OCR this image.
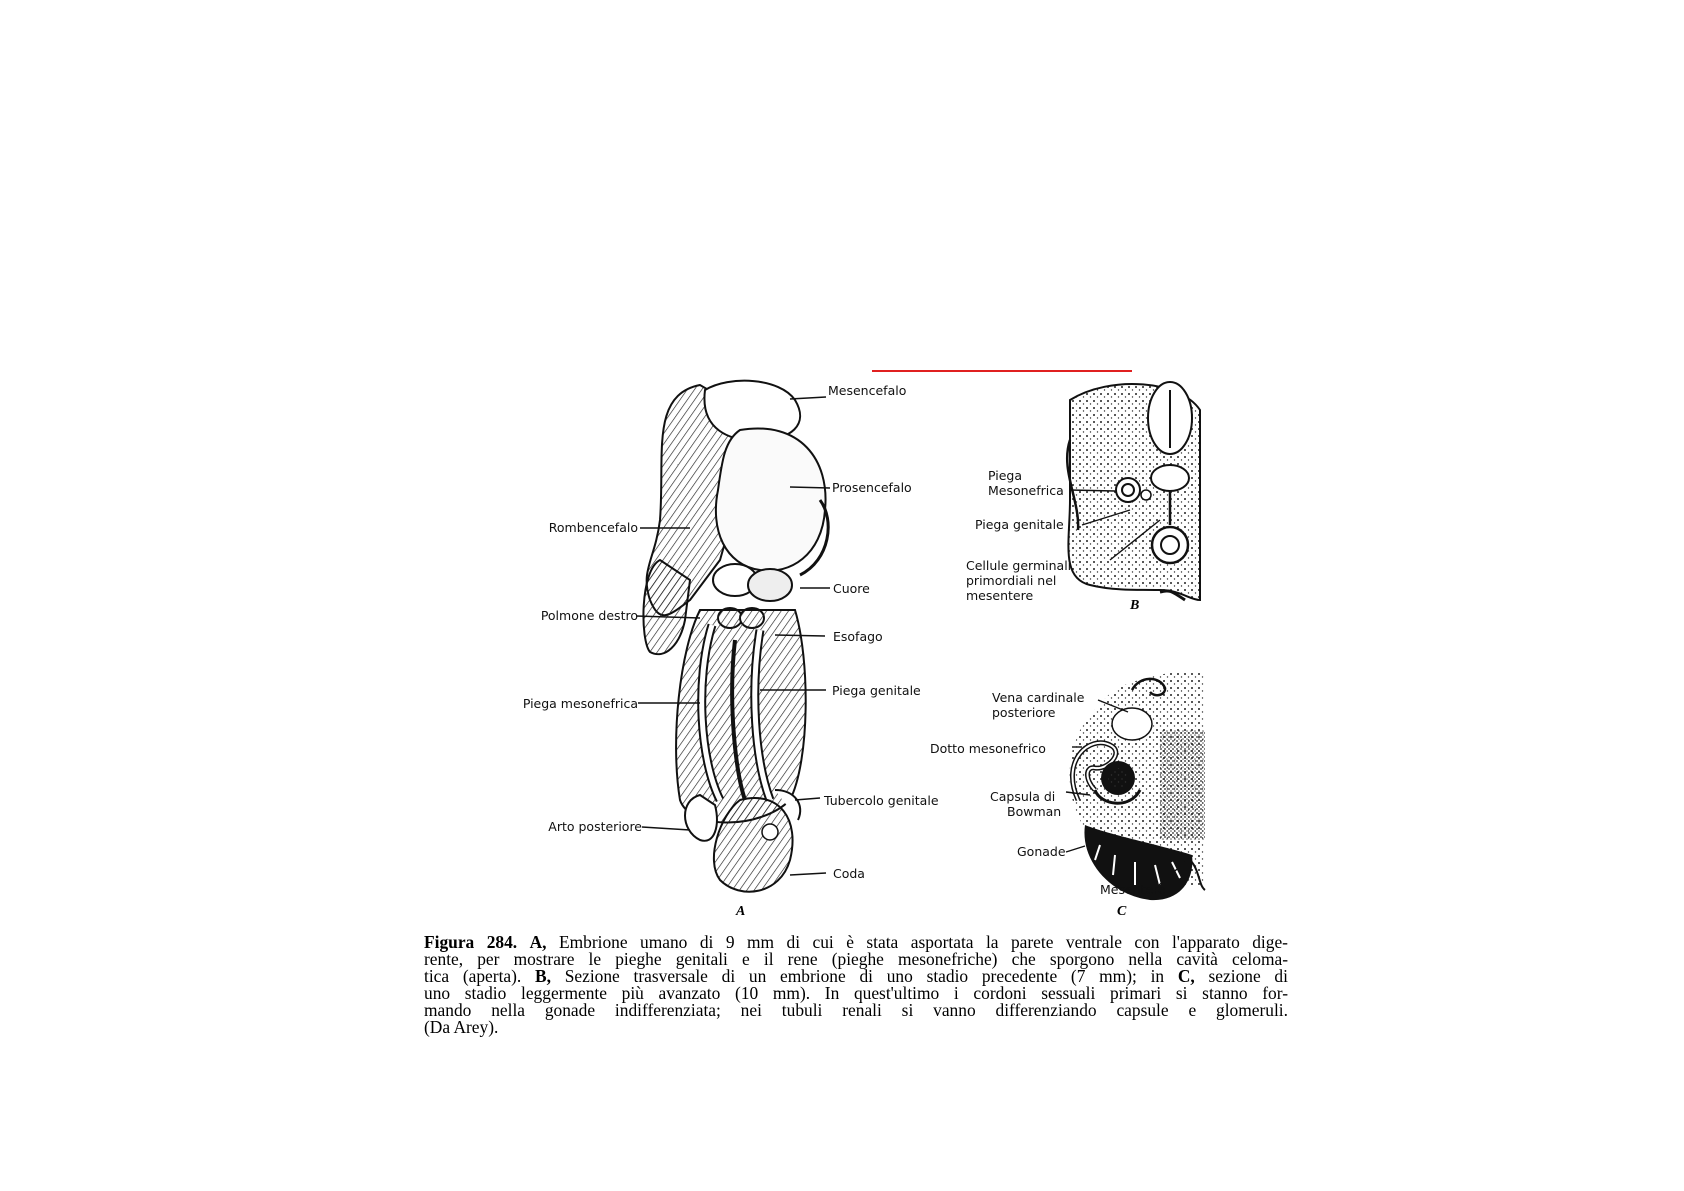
Mesencefalo
Prosencefalo
Rombencefalo
Cuore
Polmone destro
Esofago
Piega genitale
Piega mesonefrica
Tubercolo genitale
Arto posteriore
Coda
A
Piega
Mesonefrica
Piega genitale
Cellule germinali
primordiali nel
mesentere
B
Vena cardinale
posteriore
Dotto mesonefrico
Capsula di
Bowman
Gonade
Mesentere
C
Figura 284. A, Embrione umano di 9 mm di cui è stata asportata la parete ventrale con l'apparato dige-
rente, per mostrare le pieghe genitali e il rene (pieghe mesonefriche) che sporgono nella cavità celoma-
tica (aperta). B, Sezione trasversale di un embrione di uno stadio precedente (7 mm); in C, sezione di
uno stadio leggermente più avanzato (10 mm). In quest'ultimo i cordoni sessuali primari si stanno for-
mando nella gonade indifferenziata; nei tubuli renali si vanno differenziando capsule e glomeruli.
(Da Arey).
